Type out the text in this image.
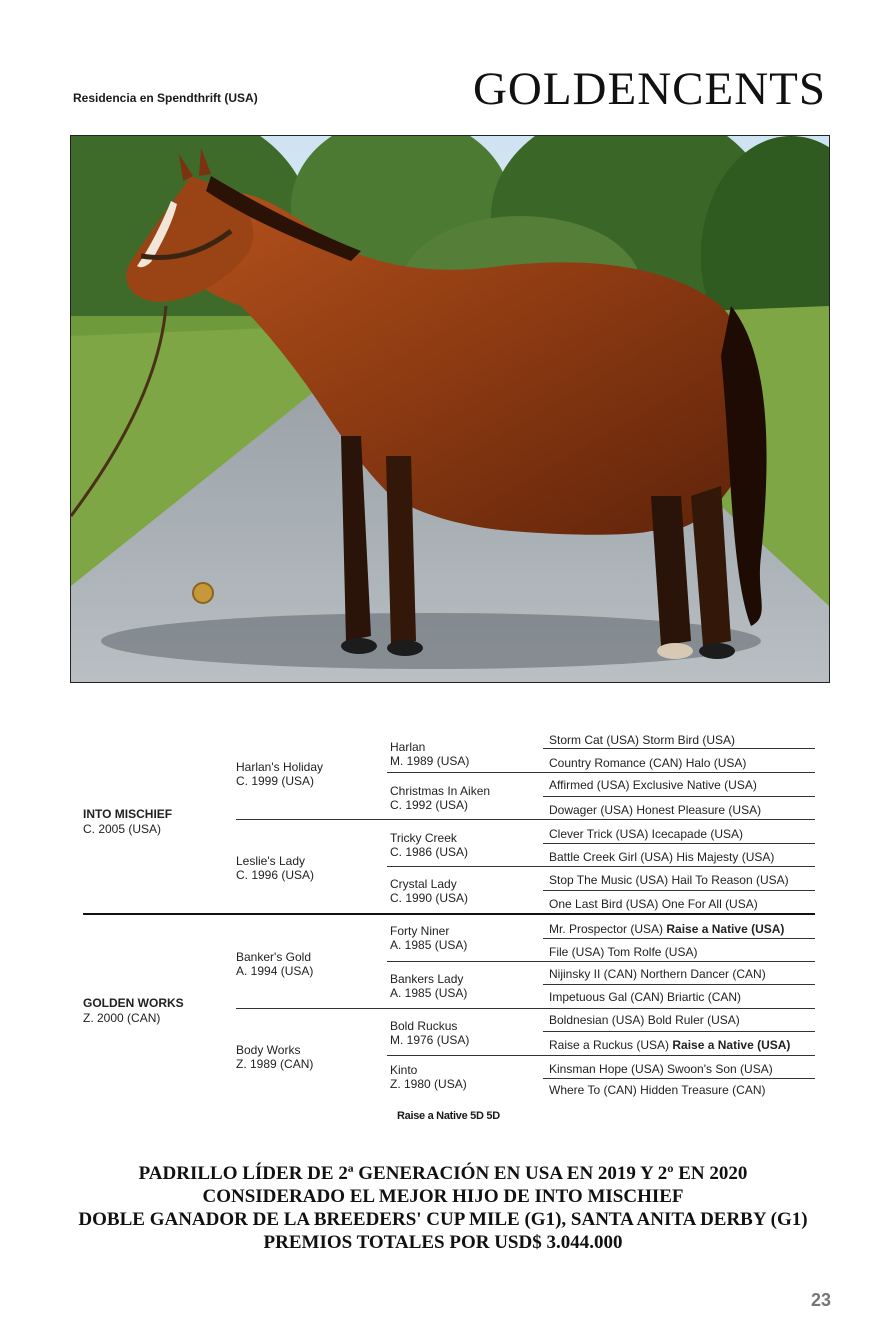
Residencia en Spendthrift (USA)	GOLDENCENTS
INTO MISCHIEF
C. 2005 (USA)
GOLDEN WORKS
Z. 2000 (CAN)
Harlan's Holiday
C. 1999 (USA)
Leslie's Lady
C. 1996 (USA)
Banker's Gold
A. 1994 (USA)
Body Works
Z. 1989 (CAN)
Harlan
M. 1989 (USA)
Christmas In Aiken
C. 1992 (USA)
Tricky Creek
C. 1986 (USA)
Crystal Lady
C. 1990 (USA)
Forty Niner
A. 1985 (USA)
Bankers Lady
A. 1985 (USA)
Bold Ruckus
M. 1976 (USA)
Kinto
Z. 1980 (USA)
Storm Cat (USA) Storm Bird (USA)
Country Romance (CAN) Halo (USA)
Affirmed (USA) Exclusive Native (USA)
Dowager (USA) Honest Pleasure (USA)
Clever Trick (USA) Icecapade (USA)
Battle Creek Girl (USA) His Majesty (USA)
Stop The Music (USA) Hail To Reason (USA)
One Last Bird (USA) One For All (USA)
Mr. Prospector (USA) Raise a Native (USA)
File (USA) Tom Rolfe (USA)
Nijinsky II (CAN) Northern Dancer (CAN)
Impetuous Gal (CAN) Briartic (CAN)
Boldnesian (USA) Bold Ruler (USA)
Raise a Ruckus (USA) Raise a Native (USA)
Kinsman Hope (USA) Swoon's Son (USA)
Where To (CAN) Hidden Treasure (CAN)
Raise a Native 5D 5D
PADRILLO LÍDER DE 2ª GENERACIÓN EN USA EN 2019 Y 2º EN 2020
CONSIDERADO EL MEJOR HIJO DE INTO MISCHIEF
DOBLE GANADOR DE LA BREEDERS' CUP MILE (G1), SANTA ANITA DERBY (G1)
PREMIOS TOTALES POR USD$ 3.044.000
23
